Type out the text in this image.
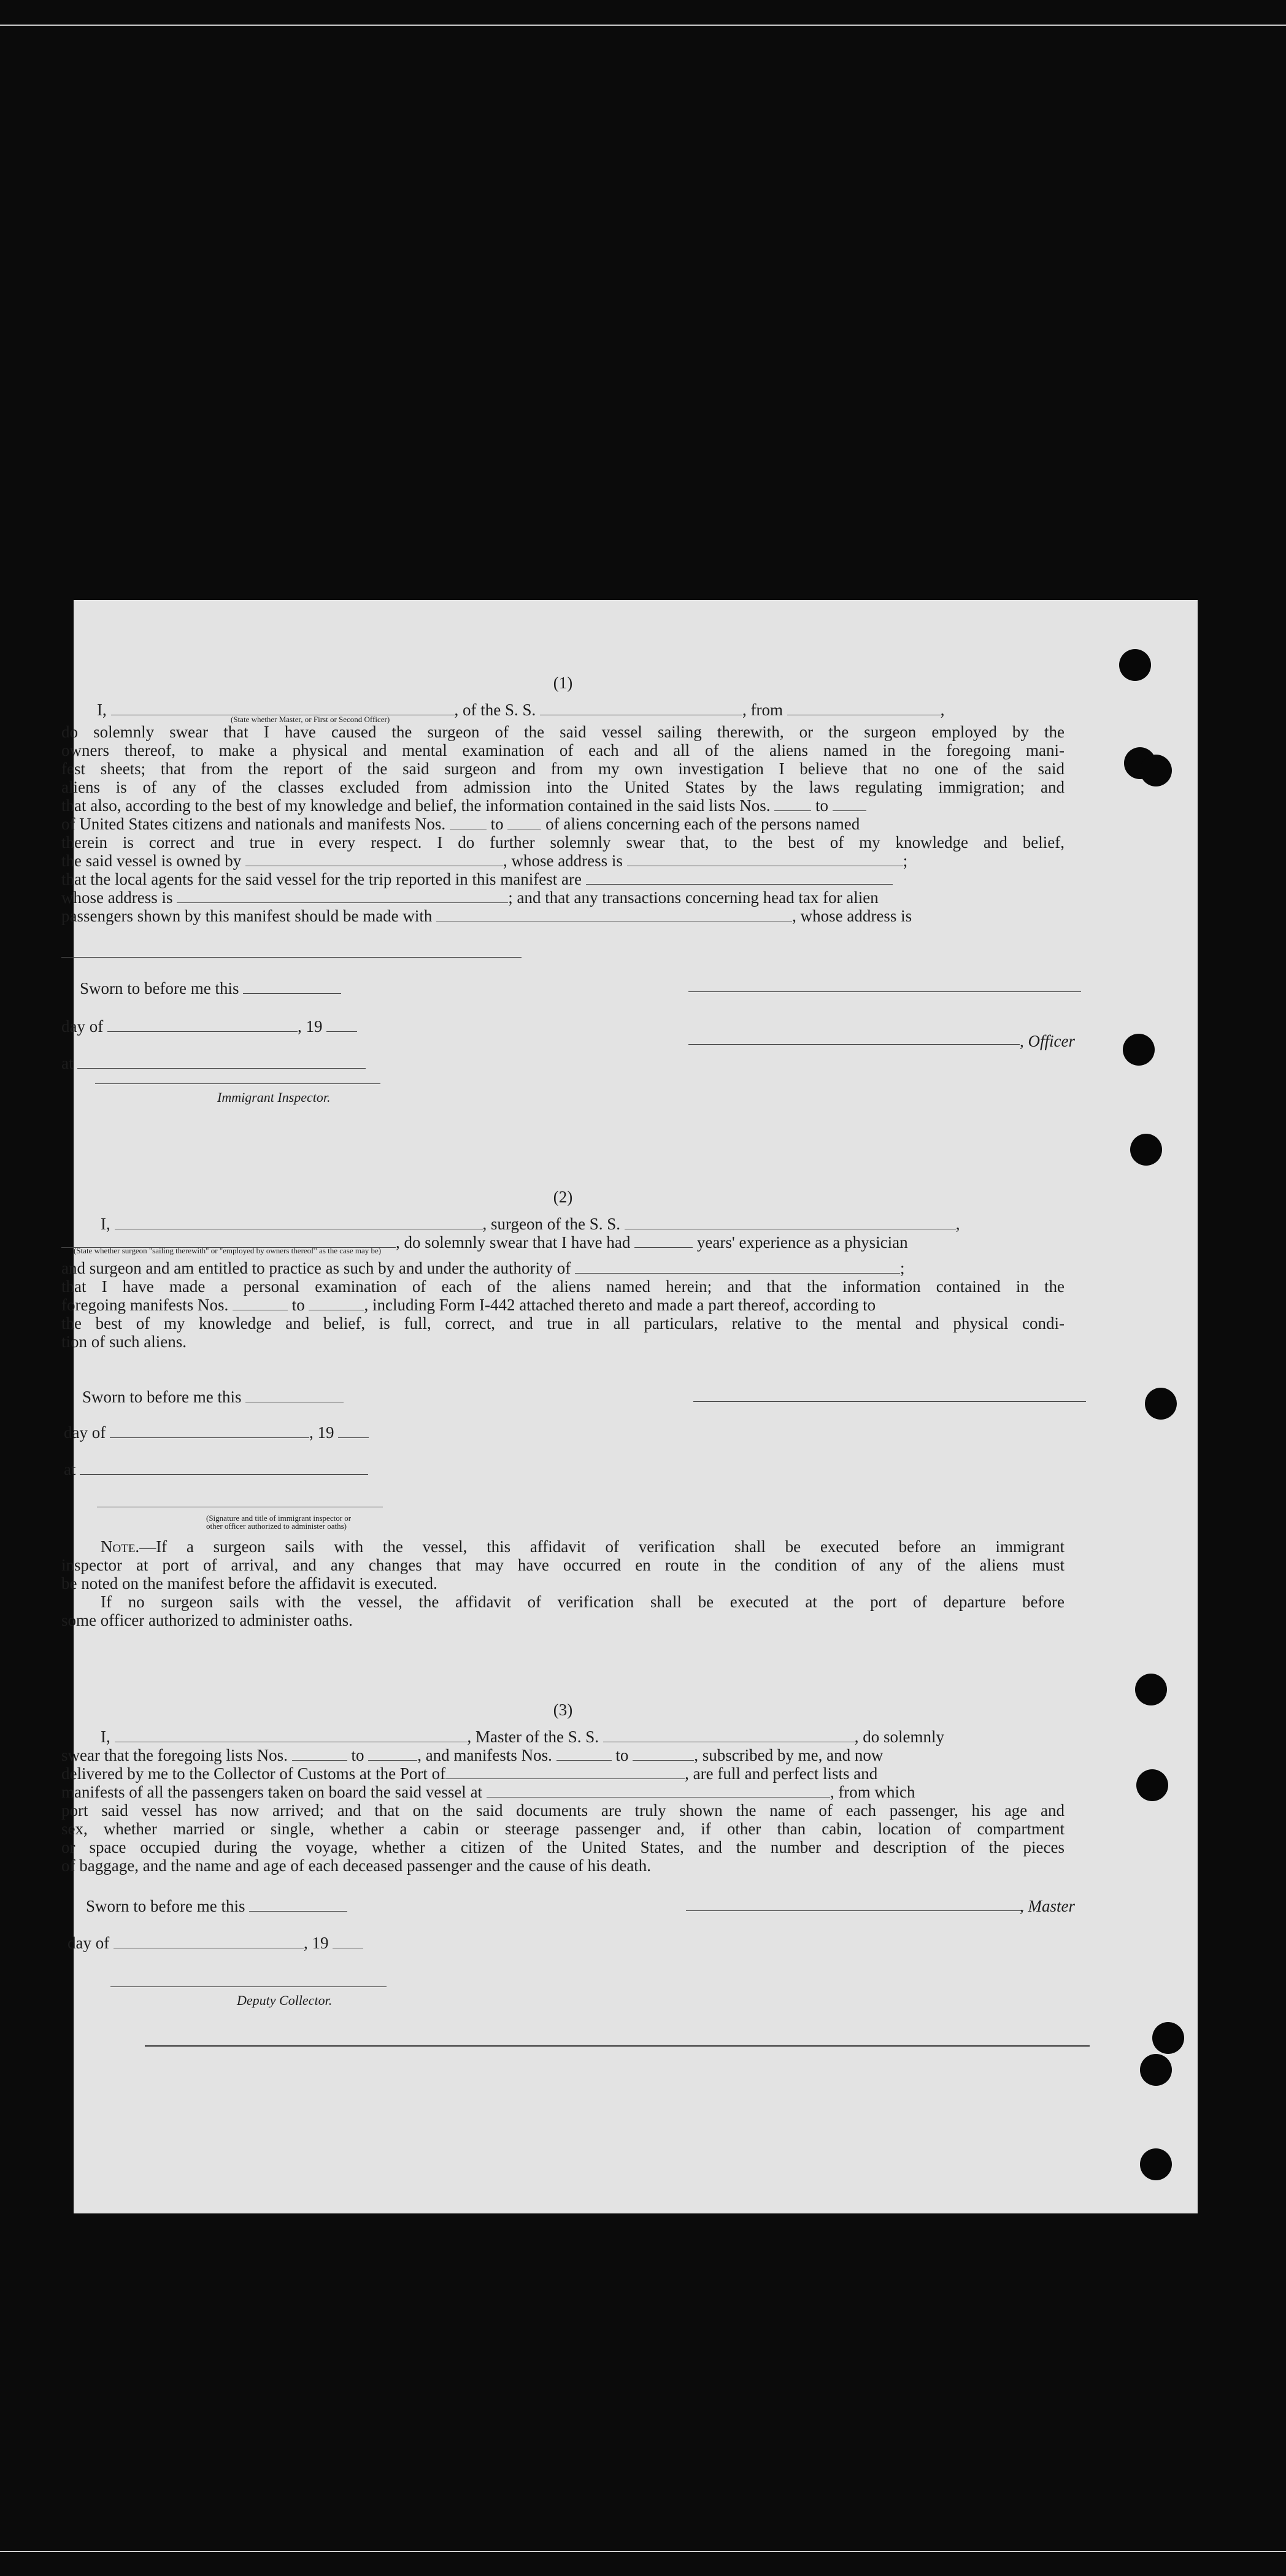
(1)
I,	, of the S. S.	, from	,
(State whether Master, or First or Second Officer)
do solemnly swear that I have caused the surgeon of the said vessel sailing therewith, or the surgeon employed by the
owners thereof, to make a physical and mental examination of each and all of the aliens named in the foregoing mani-
fest sheets; that from the report of the said surgeon and from my own investigation I believe that no one of the said
aliens is of any of the classes excluded from admission into the United States by the laws regulating immigration; and
that also, according to the best of my knowledge and belief, the information contained in the said lists Nos.	to
of United States citizens and nationals and manifests Nos.	to	of aliens concerning each of the persons named
therein is correct and true in every respect. I do further solemnly swear that, to the best of my knowledge and belief,
the said vessel is owned by	, whose address is	;
that the local agents for the said vessel for the trip reported in this manifest are
whose address is	; and that any transactions concerning head tax for alien
passengers shown by this manifest should be made with	, whose address is
Sworn to before me this
day of	, 19
at
Immigrant Inspector.
, Officer
(2)
I,	, surgeon of the S. S.	,
, do solemnly swear that I have had	years' experience as a physician
(State whether surgeon "sailing therewith" or "employed by owners thereof" as the case may be)
and surgeon and am entitled to practice as such by and under the authority of	;
that I have made a personal examination of each of the aliens named herein; and that the information contained in the
foregoing manifests Nos.	to	, including Form I-442 attached thereto and made a part thereof, according to
the best of my knowledge and belief, is full, correct, and true in all particulars, relative to the mental and physical condi-
tion of such aliens.
Sworn to before me this
day of	, 19
at
(Signature and title of immigrant inspector or
other officer authorized to administer oaths)
Note.—If a surgeon sails with the vessel, this affidavit of verification shall be executed before an immigrant
inspector at port of arrival, and any changes that may have occurred en route in the condition of any of the aliens must
be noted on the manifest before the affidavit is executed.
If no surgeon sails with the vessel, the affidavit of verification shall be executed at the port of departure before
some officer authorized to administer oaths.
(3)
I,	, Master of the S. S.	, do solemnly
swear that the foregoing lists Nos.	to	, and manifests Nos.	to	, subscribed by me, and now
delivered by me to the Collector of Customs at the Port of	, are full and perfect lists and
manifests of all the passengers taken on board the said vessel at	, from which
port said vessel has now arrived; and that on the said documents are truly shown the name of each passenger, his age and
sex, whether married or single, whether a cabin or steerage passenger and, if other than cabin, location of compartment
or space occupied during the voyage, whether a citizen of the United States, and the number and description of the pieces
of baggage, and the name and age of each deceased passenger and the cause of his death.
Sworn to before me this
day of	, 19
Deputy Collector.
, Master
